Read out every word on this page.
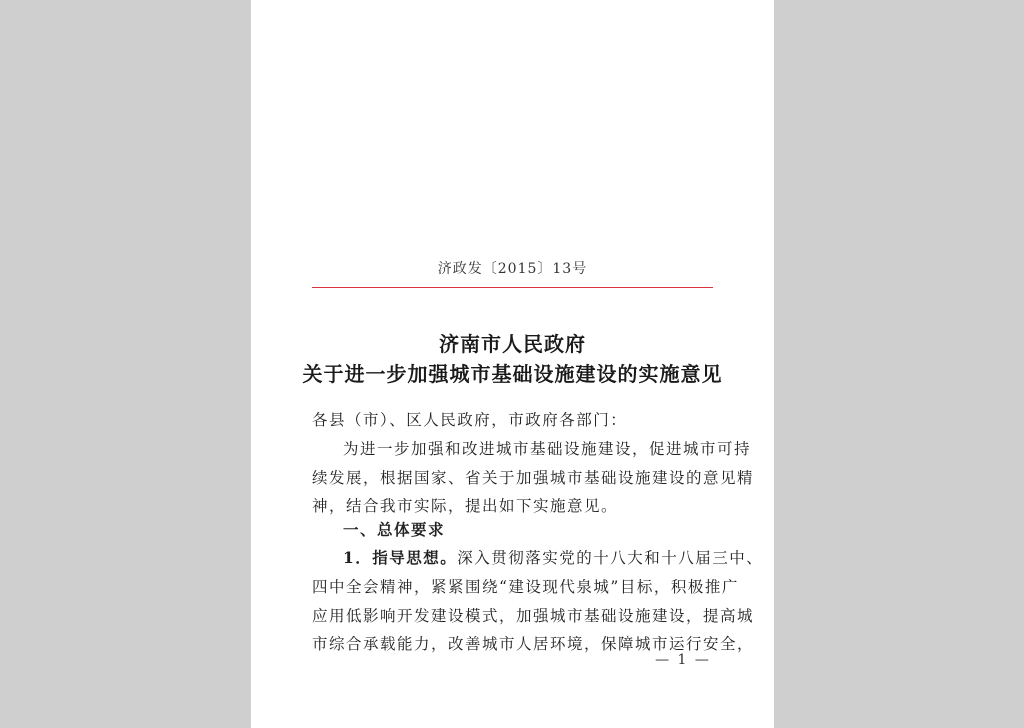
济政发〔2015〕13号
济南市人民政府
关于进一步加强城市基础设施建设的实施意见
各县（市）、区人民政府，市政府各部门：
为进一步加强和改进城市基础设施建设，促进城市可持
续发展，根据国家、省关于加强城市基础设施建设的意见精
神，结合我市实际，提出如下实施意见。
一、总体要求
1．指导思想。深入贯彻落实党的十八大和十八届三中、
四中全会精神，紧紧围绕“建设现代泉城”目标，积极推广
应用低影响开发建设模式，加强城市基础设施建设，提高城
市综合承载能力，改善城市人居环境，保障城市运行安全，
— 1 —
